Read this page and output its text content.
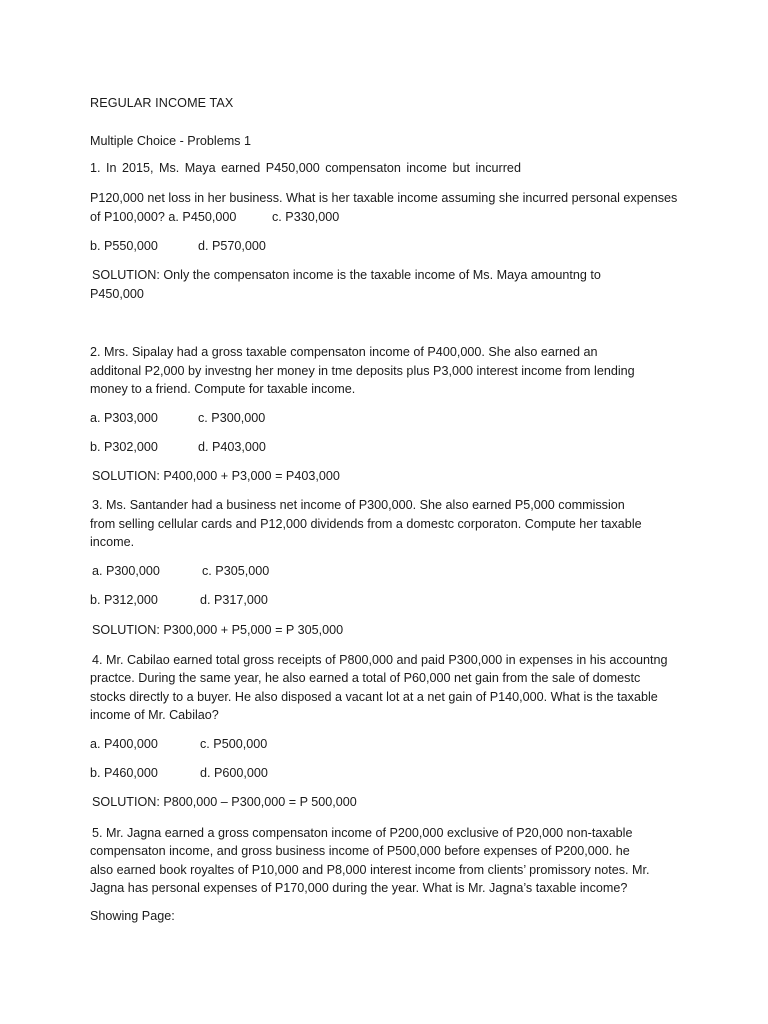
REGULAR INCOME TAX
Multiple Choice - Problems 1
1. In 2015, Ms. Maya earned P450,000 compensaton income but incurred
P120,000 net loss in her business. What is her taxable income assuming she incurred personal expenses
of P100,000? a. P450,000	c. P330,000
b. P550,000	d. P570,000
SOLUTION: Only the compensaton income is the taxable income of Ms. Maya amountng to
P450,000
2. Mrs. Sipalay had a gross taxable compensaton income of P400,000. She also earned an
additonal P2,000 by investng her money in tme deposits plus P3,000 interest income from lending
money to a friend. Compute for taxable income.
a. P303,000	c. P300,000
b. P302,000	d. P403,000
SOLUTION: P400,000 + P3,000 = P403,000
3. Ms. Santander had a business net income of P300,000. She also earned P5,000 commission
from selling cellular cards and P12,000 dividends from a domestc corporaton. Compute her taxable
income.
a. P300,000	c. P305,000
b. P312,000	d. P317,000
SOLUTION: P300,000 + P5,000 = P 305,000
4. Mr. Cabilao earned total gross receipts of P800,000 and paid P300,000 in expenses in his accountng
practce. During the same year, he also earned a total of P60,000 net gain from the sale of domestc
stocks directly to a buyer. He also disposed a vacant lot at a net gain of P140,000. What is the taxable
income of Mr. Cabilao?
a. P400,000	c. P500,000
b. P460,000	d. P600,000
SOLUTION: P800,000 – P300,000 = P 500,000
5. Mr. Jagna earned a gross compensaton income of P200,000 exclusive of P20,000 non-taxable
compensaton income, and gross business income of P500,000 before expenses of P200,000. he
also earned book royaltes of P10,000 and P8,000 interest income from clients’ promissory notes. Mr.
Jagna has personal expenses of P170,000 during the year. What is Mr. Jagna’s taxable income?
Showing Page:
